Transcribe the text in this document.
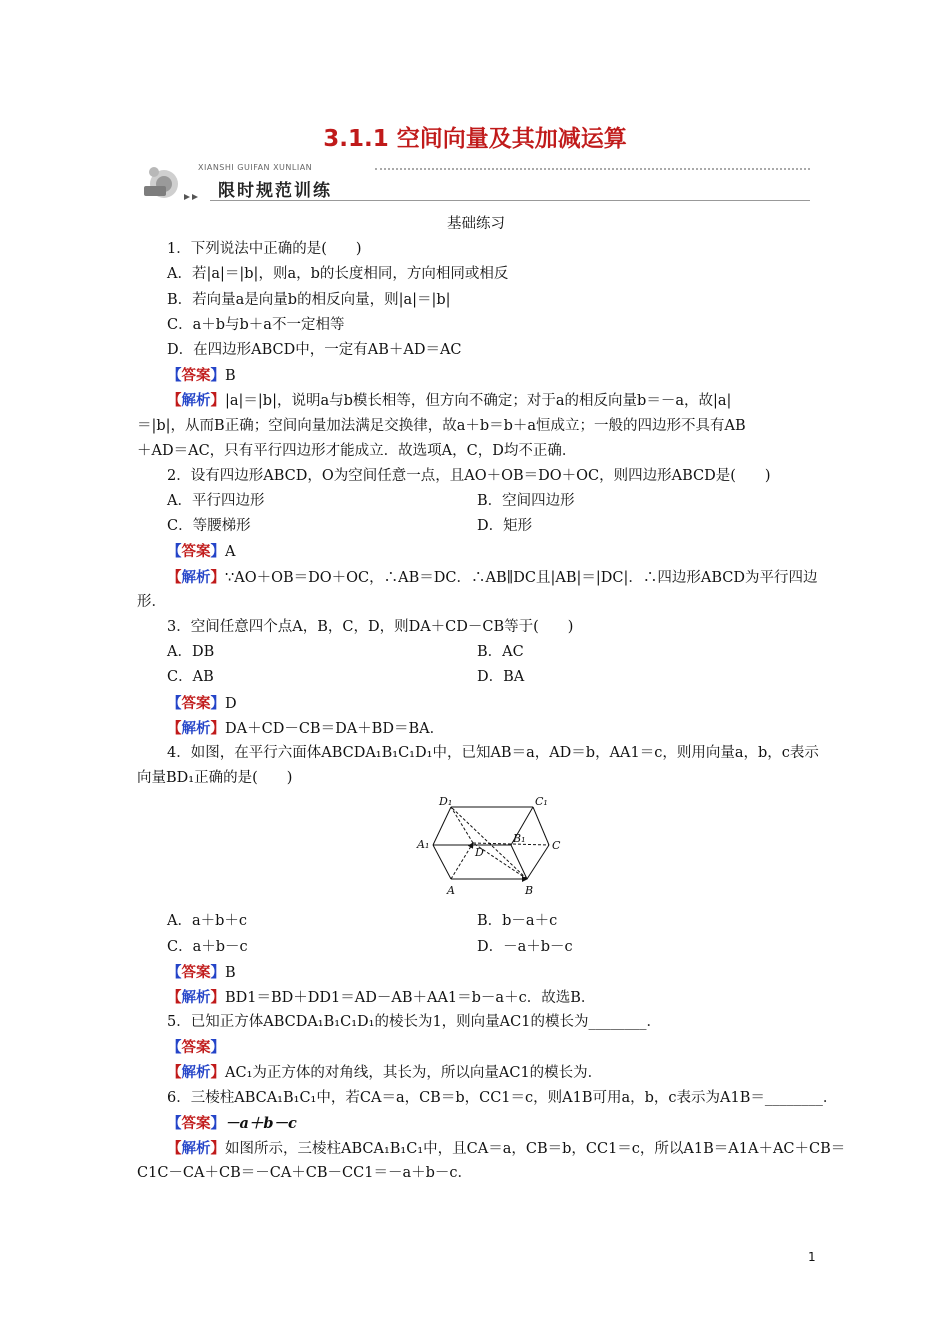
3.1.1 空间向量及其加减运算
XIANSHI GUIFAN XUNLIAN
限时规范训练
基础练习
1．下列说法中正确的是(　　)
A．若|a|＝|b|，则a，b的长度相同，方向相同或相反
B．若向量a是向量b的相反向量，则|a|＝|b|
C．a＋b与b＋a不一定相等
D．在四边形ABCD中，一定有AB＋AD＝AC
【答案】B
【解析】|a|＝|b|，说明a与b模长相等，但方向不确定；对于a的相反向量b＝－a，故|a|
＝|b|，从而B正确；空间向量加法满足交换律，故a＋b＝b＋a恒成立；一般的四边形不具有AB
＋AD＝AC，只有平行四边形才能成立．故选项A，C，D均不正确．
2．设有四边形ABCD，O为空间任意一点，且AO＋OB＝DO＋OC，则四边形ABCD是(　　)
A．平行四边形	B．空间四边形
C．等腰梯形	D．矩形
【答案】A
【解析】∵AO＋OB＝DO＋OC，∴AB＝DC．∴AB∥DC且|AB|＝|DC|．∴四边形ABCD为平行四边
形．
3．空间任意四个点A，B，C，D，则DA＋CD－CB等于(　　)
A．DB	B．AC
C．AB	D．BA
【答案】D
【解析】DA＋CD－CB＝DA＋BD＝BA．
4．如图，在平行六面体ABCDA₁B₁C₁D₁中，已知AB＝a，AD＝b，AA1＝c，则用向量a，b，c表示
向量BD₁正确的是(　　)
D₁	C₁
A₁	B₁
D
C
A	B
A．a＋b＋c	B．b－a＋c
C．a＋b－c	D．－a＋b－c
【答案】B
【解析】BD1＝BD＋DD1＝AD－AB＋AA1＝b－a＋c．故选B．
5．已知正方体ABCDA₁B₁C₁D₁的棱长为1，则向量AC1的模长为________．
【答案】
【解析】AC₁为正方体的对角线，其长为，所以向量AC1的模长为．
6．三棱柱ABCA₁B₁C₁中，若CA＝a，CB＝b，CC1＝c，则A1B可用a，b，c表示为A1B＝________．
【答案】－a＋b－c
【解析】如图所示，三棱柱ABCA₁B₁C₁中，且CA＝a，CB＝b，CC1＝c，所以A1B＝A1A＋AC＋CB＝
C1C－CA＋CB＝－CA＋CB－CC1＝－a＋b－c．
1
